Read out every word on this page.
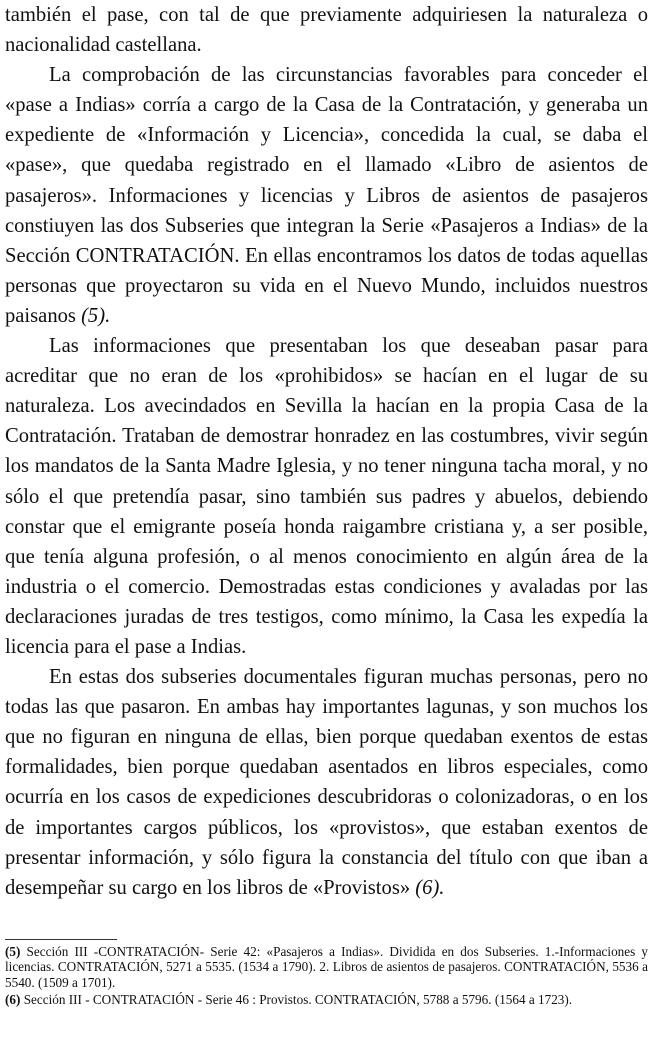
también el pase, con tal de que previamente adquiriesen la naturaleza o nacionalidad castellana.

La comprobación de las circunstancias favorables para conceder el «pase a Indias» corría a cargo de la Casa de la Contratación, y generaba un expediente de «Información y Licencia», concedida la cual, se daba el «pase», que quedaba registrado en el llamado «Libro de asientos de pasajeros». Informaciones y licencias y Libros de asientos de pasajeros constiuyen las dos Subseries que integran la Serie «Pasajeros a Indias» de la Sección CONTRATACIÓN. En ellas encontramos los datos de todas aquellas personas que proyectaron su vida en el Nuevo Mundo, incluidos nuestros paisanos (5).

Las informaciones que presentaban los que deseaban pasar para acreditar que no eran de los «prohibidos» se hacían en el lugar de su naturaleza. Los avecindados en Sevilla la hacían en la propia Casa de la Contratación. Trataban de demostrar honradez en las costumbres, vivir según los mandatos de la Santa Madre Iglesia, y no tener ninguna tacha moral, y no sólo el que pretendía pasar, sino también sus padres y abuelos, debiendo constar que el emigrante poseía honda raigambre cristiana y, a ser posible, que tenía alguna profesión, o al menos conocimiento en algún área de la industria o el comercio. Demostradas estas condiciones y avaladas por las declaraciones juradas de tres testigos, como mínimo, la Casa les expedía la licencia para el pase a Indias.

En estas dos subseries documentales figuran muchas personas, pero no todas las que pasaron. En ambas hay importantes lagunas, y son muchos los que no figuran en ninguna de ellas, bien porque quedaban exentos de estas formalidades, bien porque quedaban asentados en libros especiales, como ocurría en los casos de expediciones descubridoras o colonizadoras, o en los de importantes cargos públicos, los «provistos», que estaban exentos de presentar información, y sólo figura la constancia del título con que iban a desempeñar su cargo en los libros de «Provistos» (6).

(5) Sección III -CONTRATACIÓN- Serie 42: «Pasajeros a Indias». Dividida en dos Subseries. 1.-Informaciones y licencias. CONTRATACIÓN, 5271 a 5535. (1534 a 1790). 2. Libros de asientos de pasajeros. CONTRATACIÓN, 5536 a 5540. (1509 a 1701).

(6) Sección III - CONTRATACIÓN - Serie 46 : Provistos. CONTRATACIÓN, 5788 a 5796. (1564 a 1723).
